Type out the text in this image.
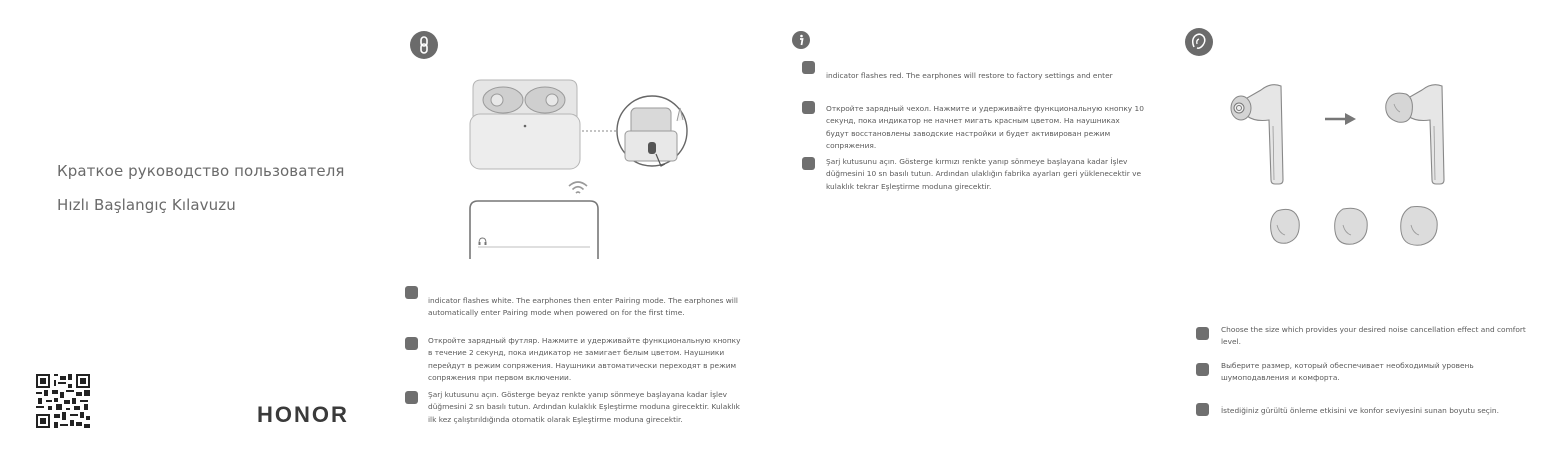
Краткое руководство пользователя
Hızlı Başlangıç Kılavuzu
HONOR
indicator flashes white. The earphones then enter Pairing mode. The earphones will automatically enter Pairing mode when powered on for the first time.
Откройте зарядный футляр. Нажмите и удерживайте функциональную кнопку в течение 2 секунд, пока индикатор не замигает белым цветом. Наушники перейдут в режим сопряжения. Наушники автоматически переходят в режим сопряжения при первом включении.
Şarj kutusunu açın. Gösterge beyaz renkte yanıp sönmeye başlayana kadar İşlev düğmesini 2 sn basılı tutun. Ardından kulaklık Eşleştirme moduna girecektir. Kulaklık ilk kez çalıştırıldığında otomatik olarak Eşleştirme moduna girecektir.
indicator flashes red. The earphones will restore to factory settings and enter
Откройте зарядный чехол. Нажмите и удерживайте функциональную кнопку 10 секунд, пока индикатор не начнет мигать красным цветом. На наушниках будут восстановлены заводские настройки и будет активирован режим сопряжения.
Şarj kutusunu açın. Gösterge kırmızı renkte yanıp sönmeye başlayana kadar İşlev düğmesini 10 sn basılı tutun. Ardından ulaklığın fabrika ayarları geri yüklenecektir ve kulaklık tekrar Eşleştirme moduna girecektir.
Choose the size which provides your desired noise cancellation effect and comfort level.
Выберите размер, который обеспечивает необходимый уровень шумоподавления и комфорта.
İstediğiniz gürültü önleme etkisini ve konfor seviyesini sunan boyutu seçin.
